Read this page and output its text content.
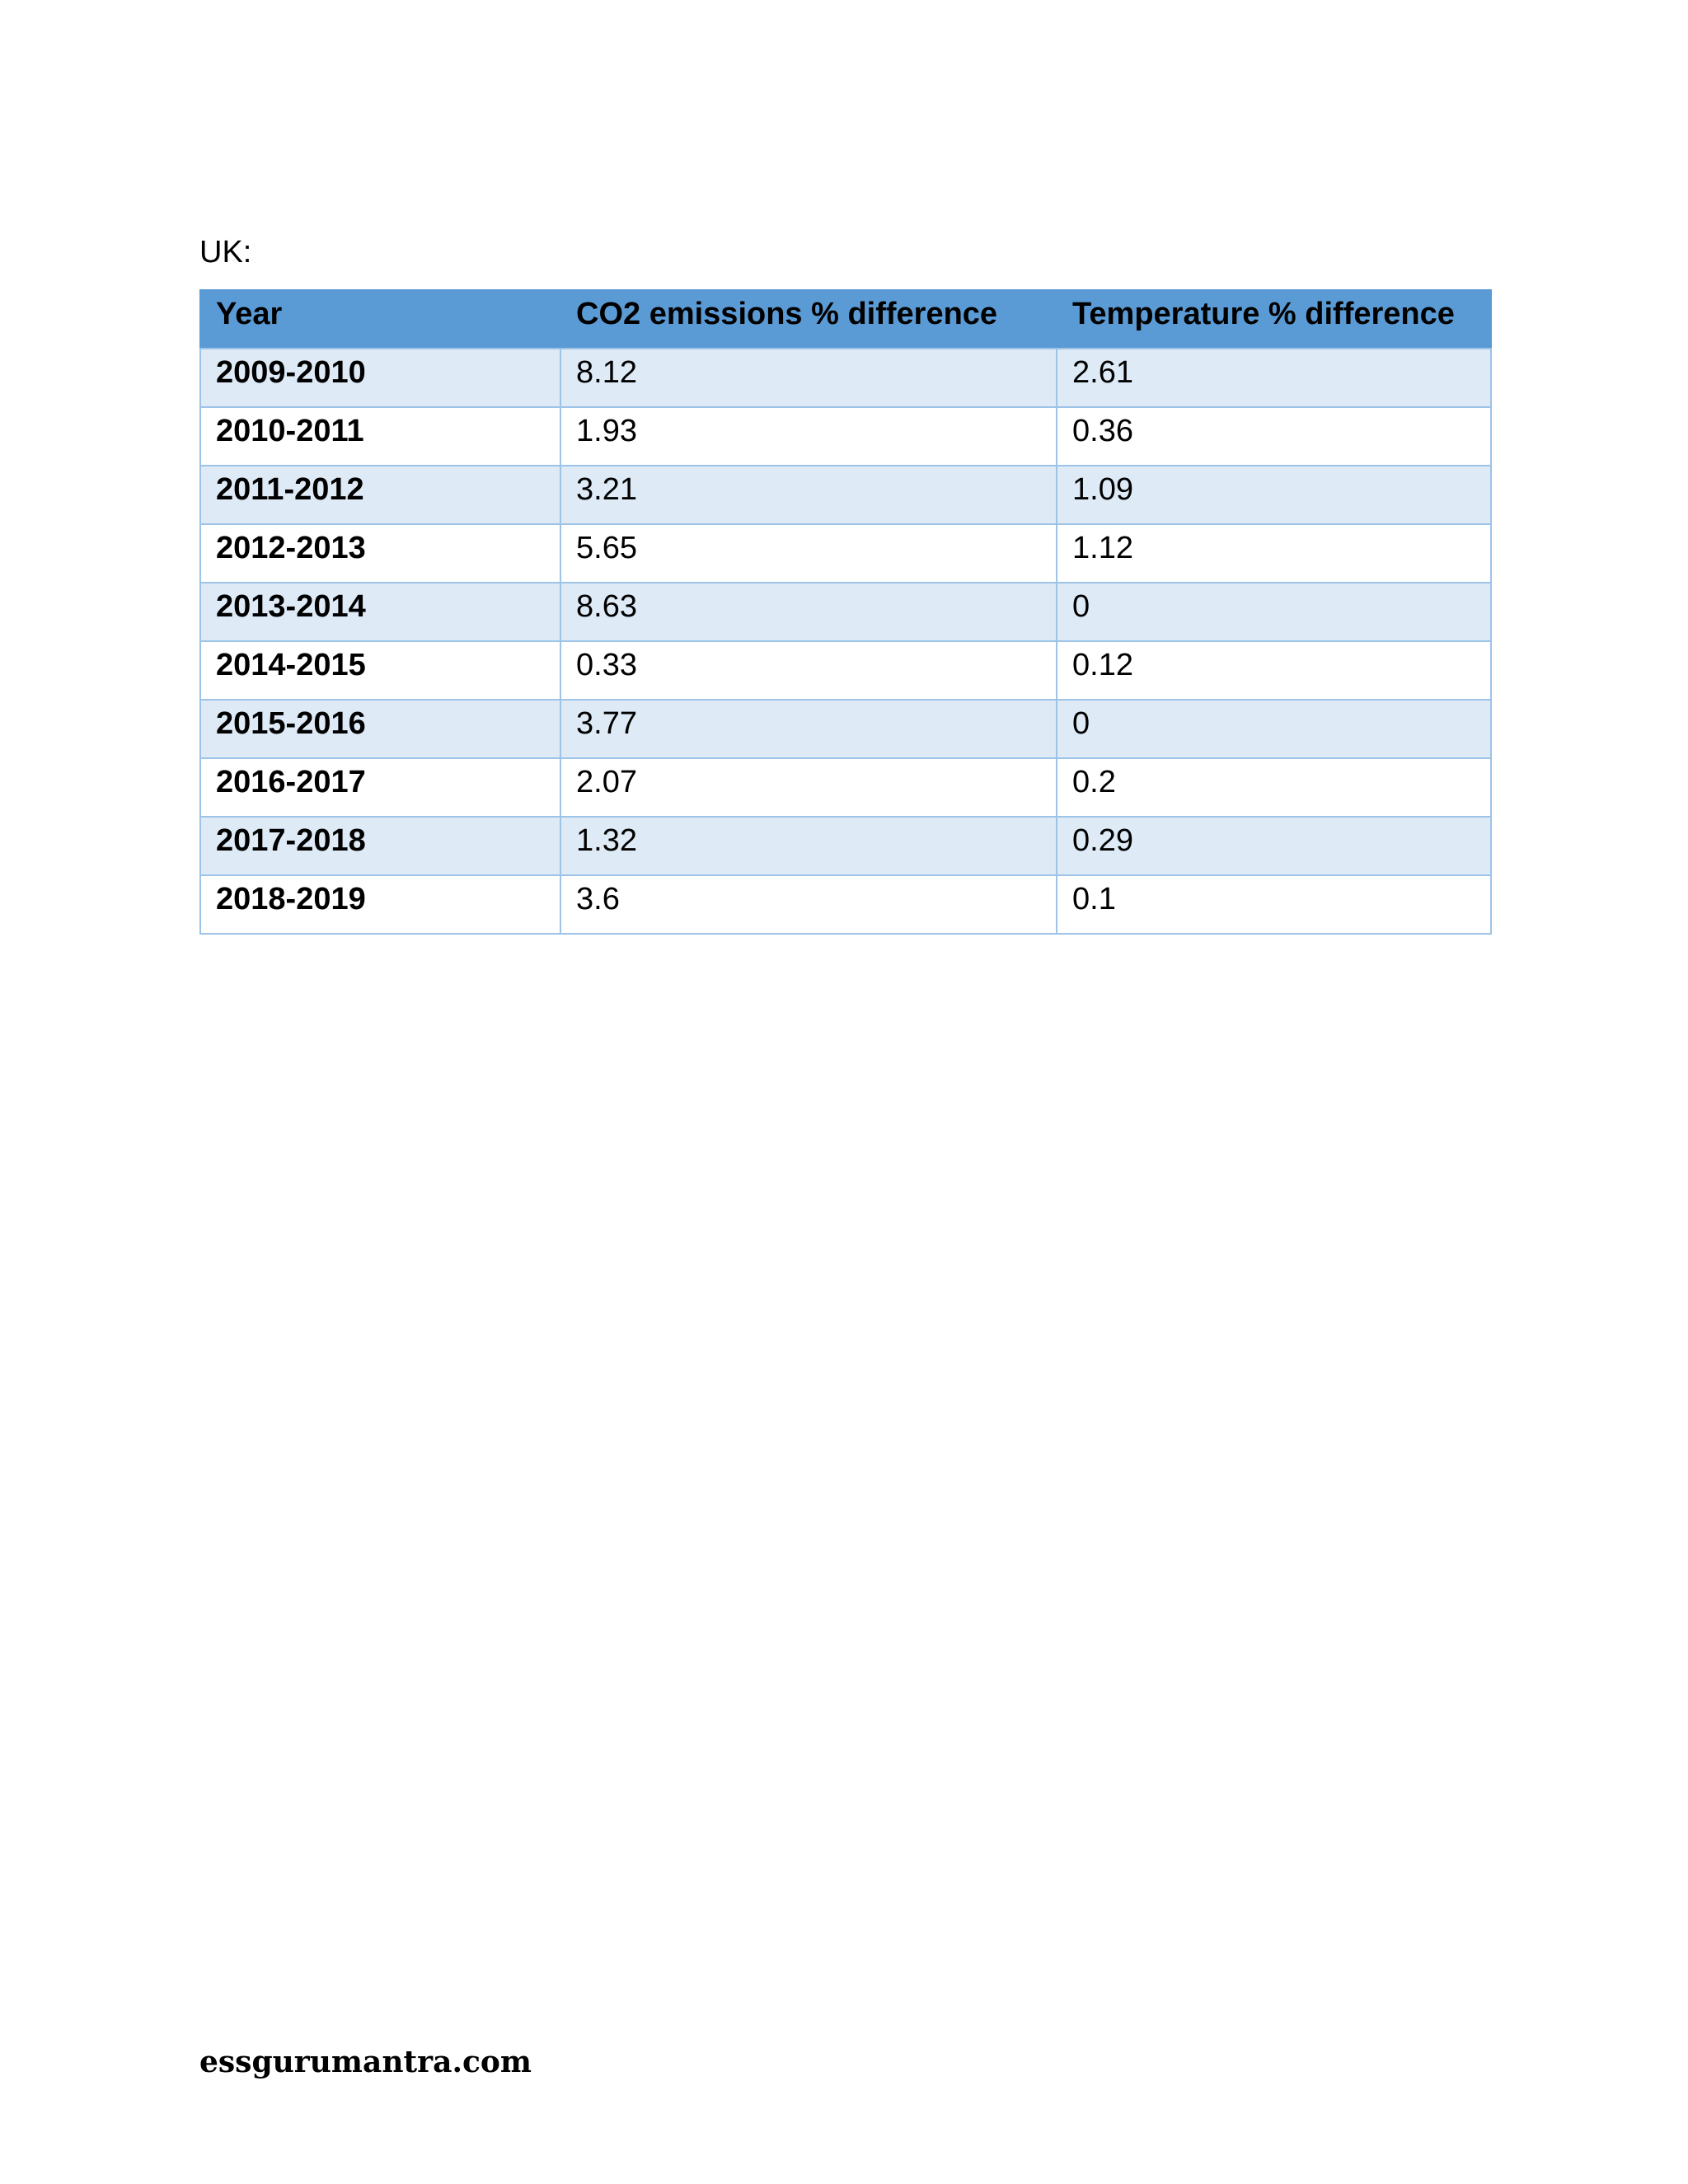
UK:
Year	CO2 emissions % difference	Temperature % difference
2009-2010	8.12	2.61
2010-2011	1.93	0.36
2011-2012	3.21	1.09
2012-2013	5.65	1.12
2013-2014	8.63	0
2014-2015	0.33	0.12
2015-2016	3.77	0
2016-2017	2.07	0.2
2017-2018	1.32	0.29
2018-2019	3.6	0.1
essgurumantra.com
